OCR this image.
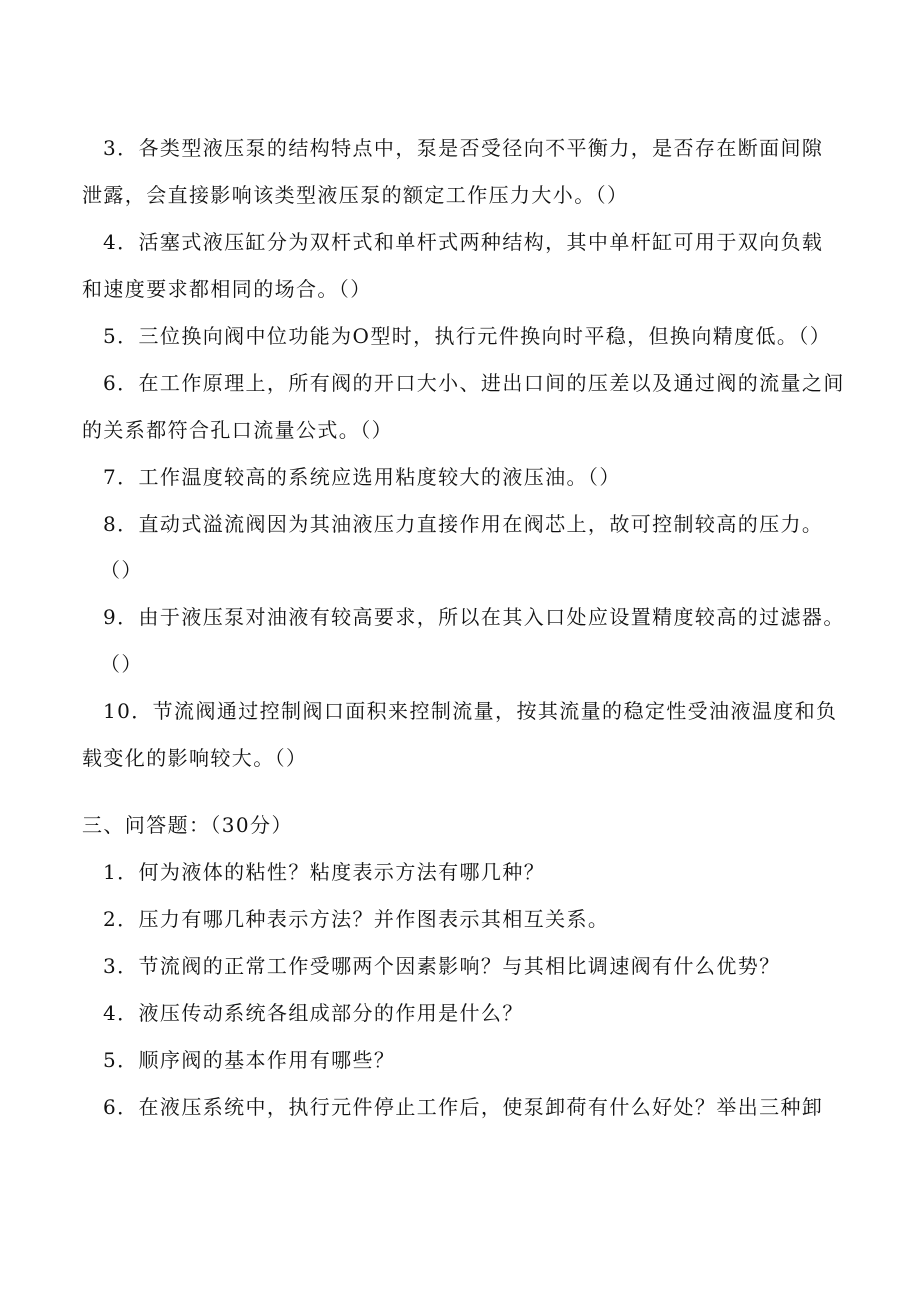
3．各类型液压泵的结构特点中，泵是否受径向不平衡力，是否存在断面间隙
泄露，会直接影响该类型液压泵的额定工作压力大小。（）
4．活塞式液压缸分为双杆式和单杆式两种结构，其中单杆缸可用于双向负载
和速度要求都相同的场合。（）
5．三位换向阀中位功能为O型时，执行元件换向时平稳，但换向精度低。（）
6．在工作原理上，所有阀的开口大小、进出口间的压差以及通过阀的流量之间
的关系都符合孔口流量公式。（）
7．工作温度较高的系统应选用粘度较大的液压油。（）
8．直动式溢流阀因为其油液压力直接作用在阀芯上，故可控制较高的压力。
（）
9．由于液压泵对油液有较高要求，所以在其入口处应设置精度较高的过滤器。
（）
10．节流阀通过控制阀口面积来控制流量，按其流量的稳定性受油液温度和负
载变化的影响较大。（）
三、问答题：（30分）
1．何为液体的粘性？粘度表示方法有哪几种？
2．压力有哪几种表示方法？并作图表示其相互关系。
3．节流阀的正常工作受哪两个因素影响？与其相比调速阀有什么优势？
4．液压传动系统各组成部分的作用是什么？
5．顺序阀的基本作用有哪些？
6．在液压系统中，执行元件停止工作后，使泵卸荷有什么好处？举出三种卸
